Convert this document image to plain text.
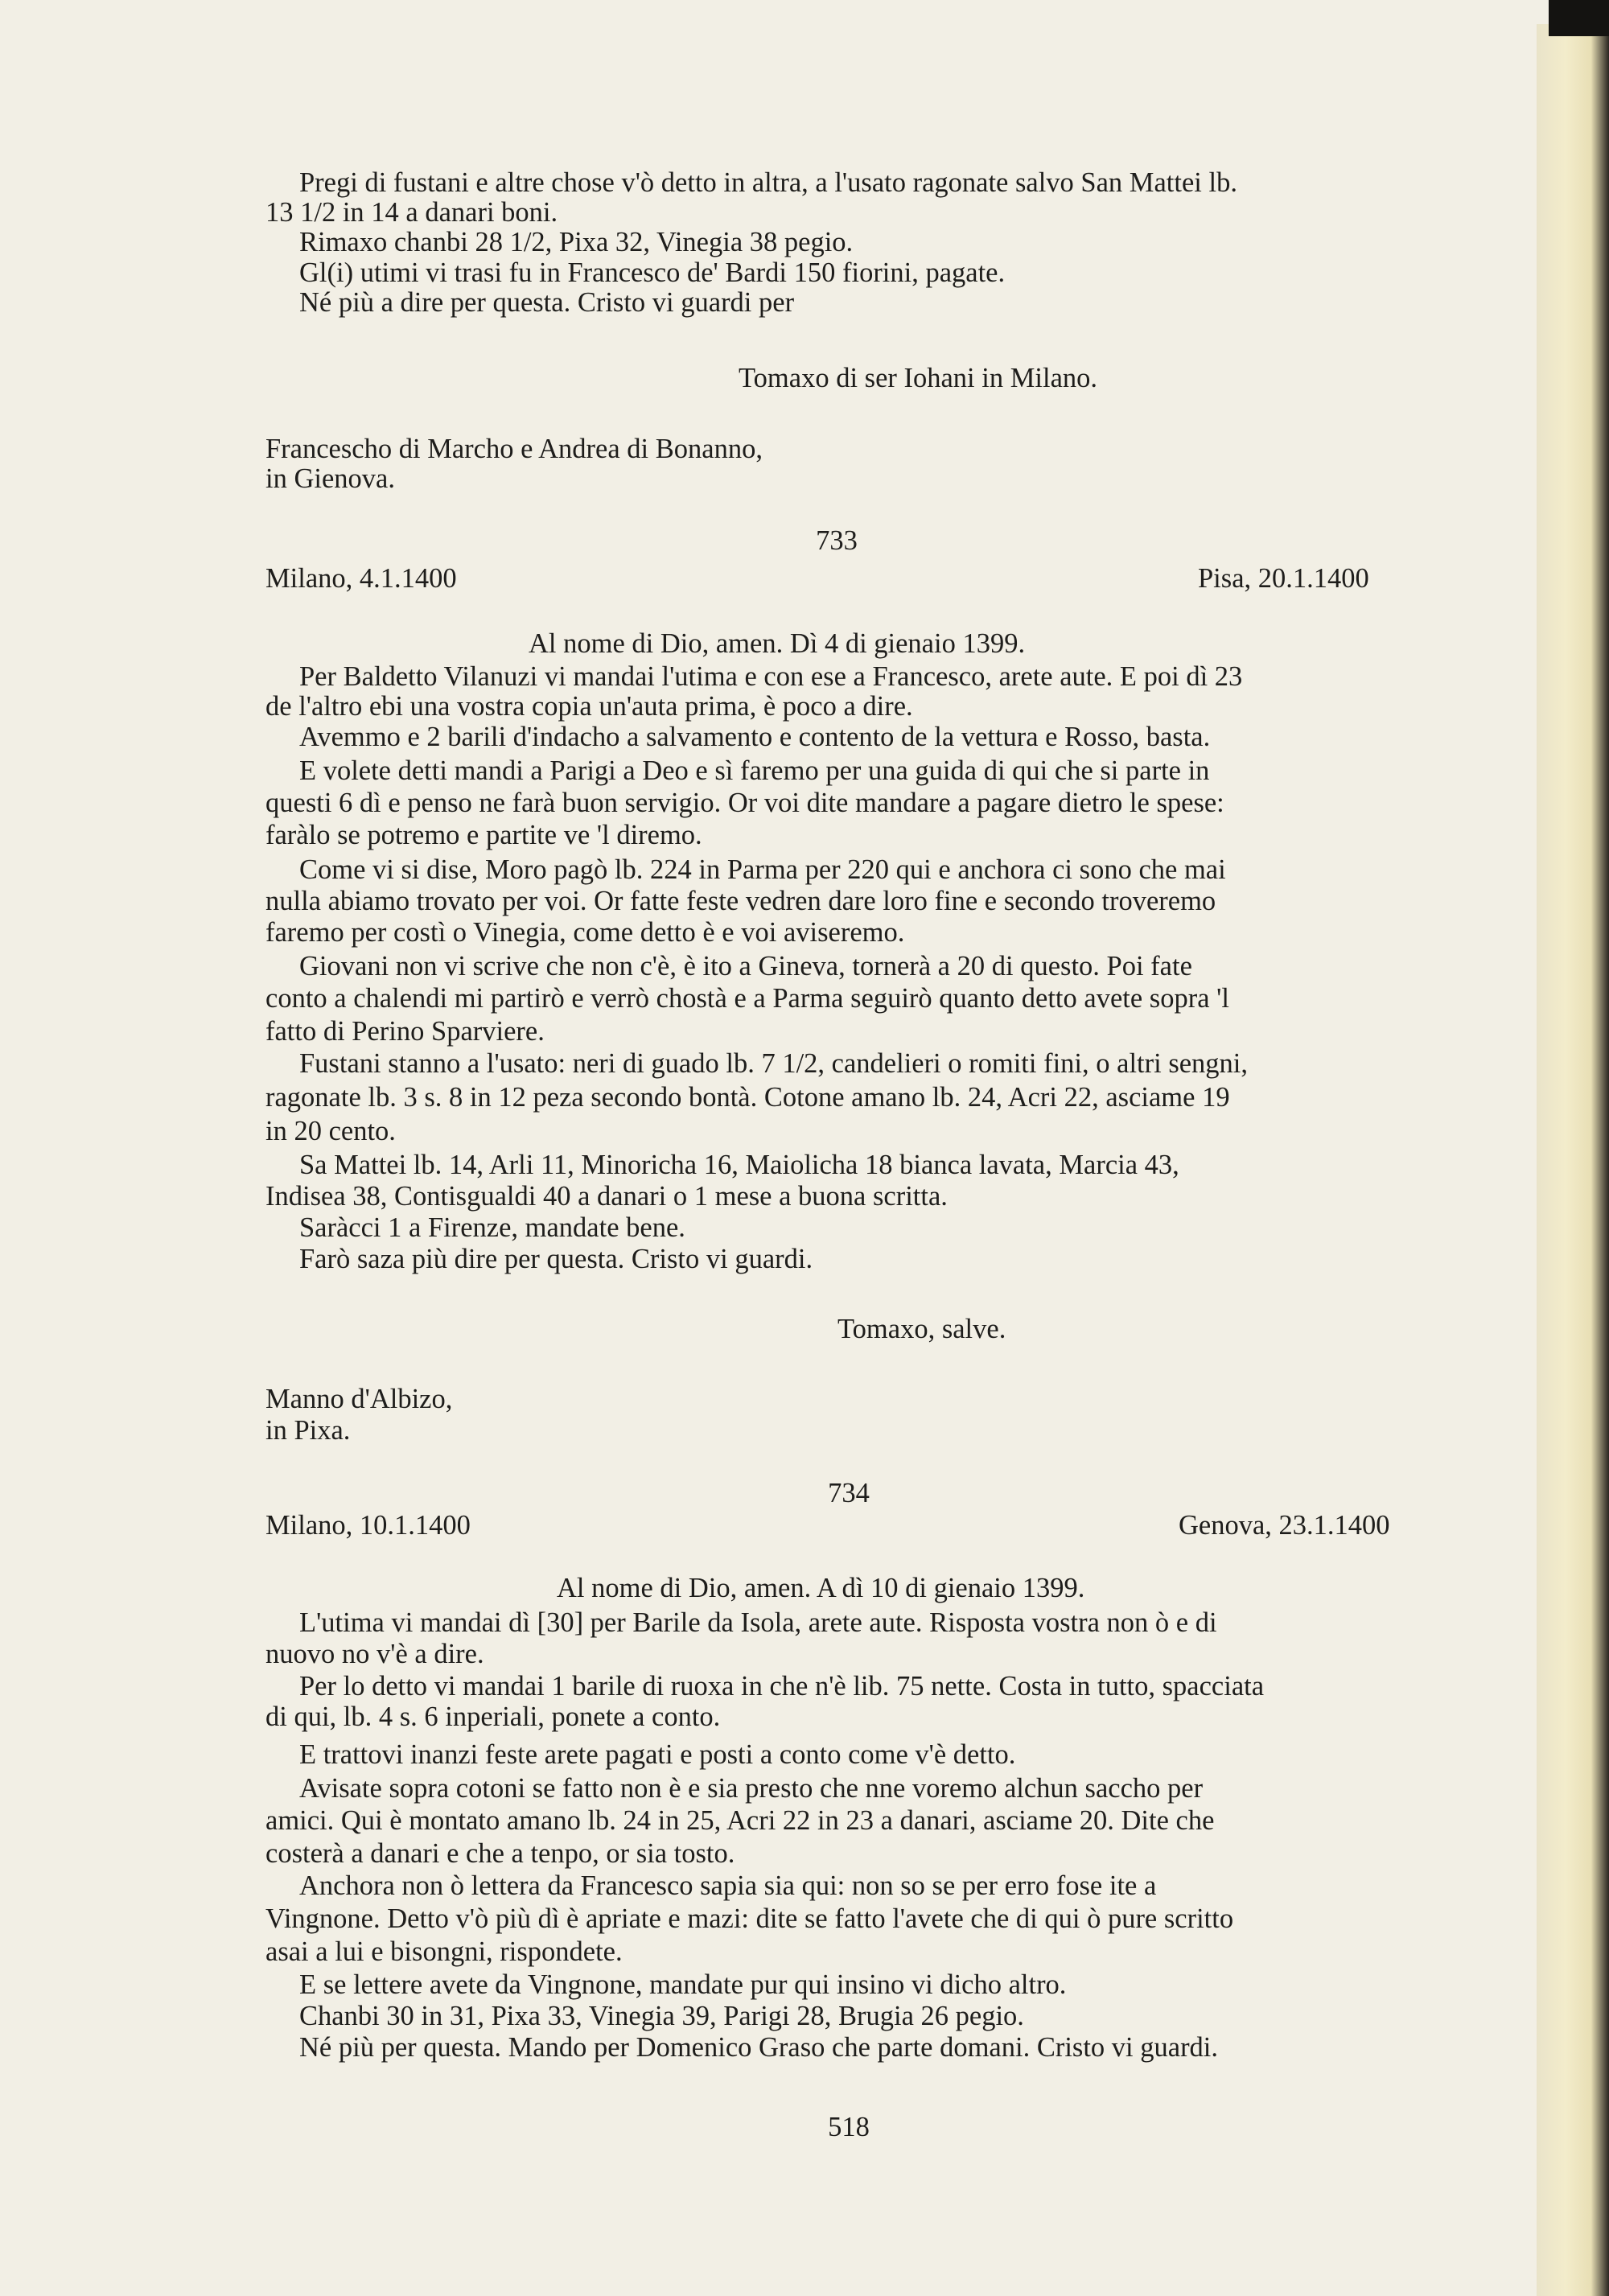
Pregi di fustani e altre chose v'ò detto in altra, a l'usato ragonate salvo San Mattei lb.
13 1/2 in 14 a danari boni.
Rimaxo chanbi 28 1/2, Pixa 32, Vinegia 38 pegio.
Gl(i) utimi vi trasi fu in Francesco de' Bardi 150 fiorini, pagate.
Né più a dire per questa. Cristo vi guardi per
Tomaxo di ser Iohani in Milano.
Francescho di Marcho e Andrea di Bonanno,
in Gienova.
733
Milano, 4.1.1400	Pisa, 20.1.1400
Al nome di Dio, amen. Dì 4 di gienaio 1399.
Per Baldetto Vilanuzi vi mandai l'utima e con ese a Francesco, arete aute. E poi dì 23
de l'altro ebi una vostra copia un'auta prima, è poco a dire.
Avemmo e 2 barili d'indacho a salvamento e contento de la vettura e Rosso, basta.
E volete detti mandi a Parigi a Deo e sì faremo per una guida di qui che si parte in
questi 6 dì e penso ne farà buon servigio. Or voi dite mandare a pagare dietro le spese:
faràlo se potremo e partite ve 'l diremo.
Come vi si dise, Moro pagò lb. 224 in Parma per 220 qui e anchora ci sono che mai
nulla abiamo trovato per voi. Or fatte feste vedren dare loro fine e secondo troveremo
faremo per costì o Vinegia, come detto è e voi aviseremo.
Giovani non vi scrive che non c'è, è ito a Gineva, tornerà a 20 di questo. Poi fate
conto a chalendi mi partirò e verrò chostà e a Parma seguirò quanto detto avete sopra 'l
fatto di Perino Sparviere.
Fustani stanno a l'usato: neri di guado lb. 7 1/2, candelieri o romiti fini, o altri sengni,
ragonate lb. 3 s. 8 in 12 peza secondo bontà. Cotone amano lb. 24, Acri 22, asciame 19
in 20 cento.
Sa Mattei lb. 14, Arli 11, Minoricha 16, Maiolicha 18 bianca lavata, Marcia 43,
Indisea 38, Contisgualdi 40 a danari o 1 mese a buona scritta.
Saràcci 1 a Firenze, mandate bene.
Farò saza più dire per questa. Cristo vi guardi.
Tomaxo, salve.
Manno d'Albizo,
in Pixa.
734
Milano, 10.1.1400	Genova, 23.1.1400
Al nome di Dio, amen. A dì 10 di gienaio 1399.
L'utima vi mandai dì [30] per Barile da Isola, arete aute. Risposta vostra non ò e di
nuovo no v'è a dire.
Per lo detto vi mandai 1 barile di ruoxa in che n'è lib. 75 nette. Costa in tutto, spacciata
di qui, lb. 4 s. 6 inperiali, ponete a conto.
E trattovi inanzi feste arete pagati e posti a conto come v'è detto.
Avisate sopra cotoni se fatto non è e sia presto che nne voremo alchun saccho per
amici. Qui è montato amano lb. 24 in 25, Acri 22 in 23 a danari, asciame 20. Dite che
costerà a danari e che a tenpo, or sia tosto.
Anchora non ò lettera da Francesco sapia sia qui: non so se per erro fose ite a
Vingnone. Detto v'ò più dì è apriate e mazi: dite se fatto l'avete che di qui ò pure scritto
asai a lui e bisongni, rispondete.
E se lettere avete da Vingnone, mandate pur qui insino vi dicho altro.
Chanbi 30 in 31, Pixa 33, Vinegia 39, Parigi 28, Brugia 26 pegio.
Né più per questa. Mando per Domenico Graso che parte domani. Cristo vi guardi.
518
